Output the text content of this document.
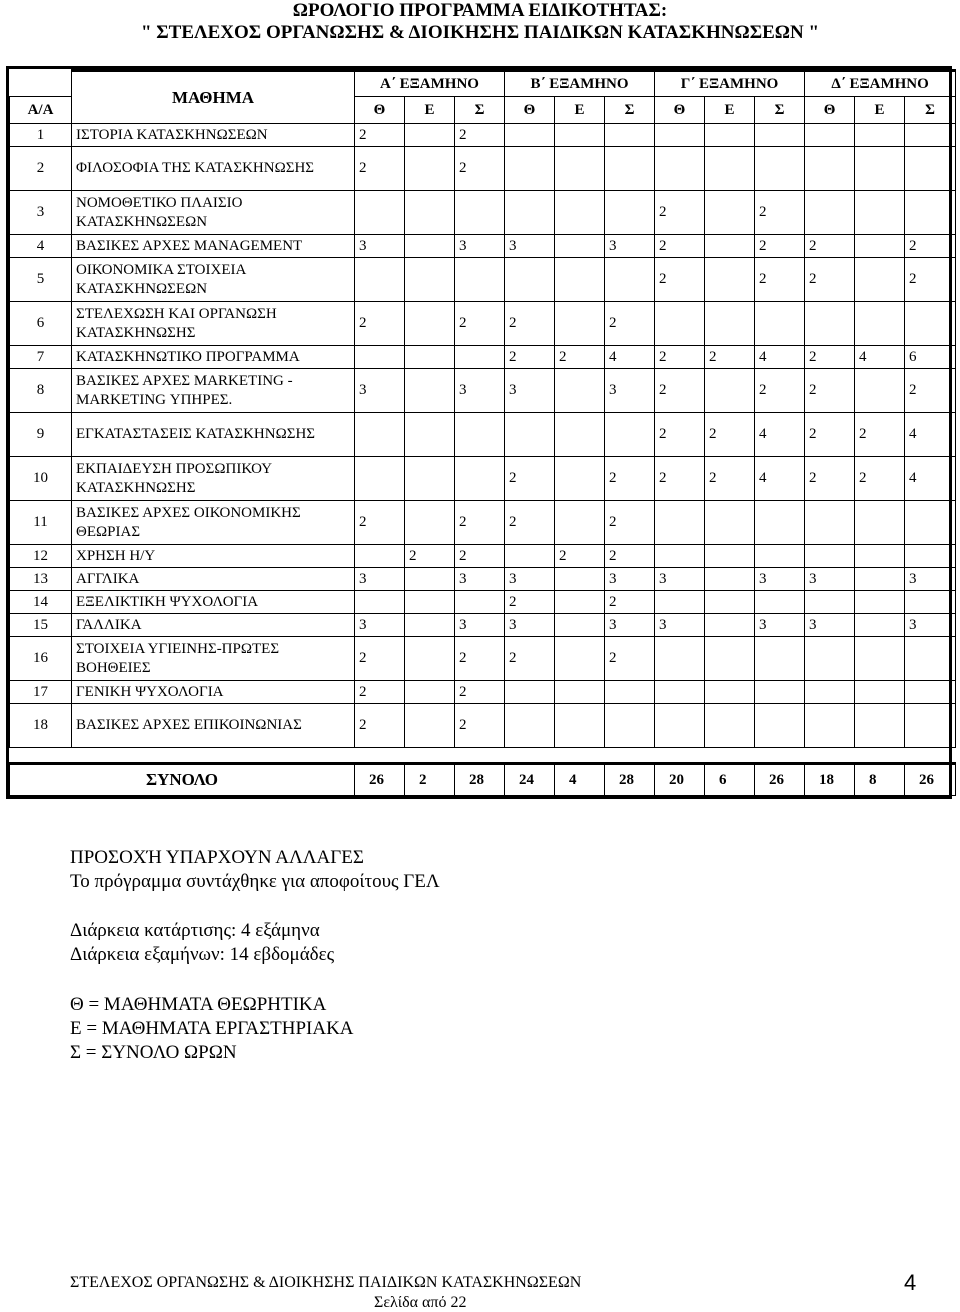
ΩΡΟΛΟΓΙΟ ΠΡΟΓΡΑΜΜΑ ΕΙΔΙΚΟΤΗΤΑΣ:
" ΣΤΕΛΕΧΟΣ ΟΡΓΑΝΩΣΗΣ & ΔΙΟΙΚΗΣΗΣ ΠΑΙΔΙΚΩΝ ΚΑΤΑΣΚΗΝΩΣΕΩΝ "
	ΜΑΘΗΜΑ	Α΄ ΕΞΑΜΗΝΟ			Β΄ ΕΞΑΜΗΝΟ			Γ΄ ΕΞΑΜΗΝΟ			Δ΄ ΕΞΑΜΗΝΟ		
Α/Α		Θ	Ε	Σ	Θ	Ε	Σ	Θ	Ε	Σ	Θ	Ε	Σ
1	ΙΣΤΟΡΙΑ ΚΑΤΑΣΚΗΝΩΣΕΩΝ	2		2									
2	ΦΙΛΟΣΟΦΙΑ ΤΗΣ ΚΑΤΑΣΚΗΝΩΣΗΣ	2		2									
3	ΝΟΜΟΘΕΤΙΚΟ ΠΛΑΙΣΙΟ ΚΑΤΑΣΚΗΝΩΣΕΩΝ							2		2			
4	ΒΑΣΙΚΕΣ ΑΡΧΕΣ MANAGEMENT	3		3	3		3	2		2	2		2
5	ΟΙΚΟΝΟΜΙΚΑ ΣΤΟΙΧΕΙΑ ΚΑΤΑΣΚΗΝΩΣΕΩΝ							2		2	2		2
6	ΣΤΕΛΕΧΩΣΗ ΚΑΙ ΟΡΓΑΝΩΣΗ ΚΑΤΑΣΚΗΝΩΣΗΣ	2		2	2		2						
7	ΚΑΤΑΣΚΗΝΩΤΙΚΟ ΠΡΟΓΡΑΜΜΑ				2	2	4	2	2	4	2	4	6
8	ΒΑΣΙΚΕΣ ΑΡΧΕΣ MARKETING - MARKETING ΥΠΗΡΕΣ.	3		3	3		3	2		2	2		2
9	ΕΓΚΑΤΑΣΤΑΣΕΙΣ ΚΑΤΑΣΚΗΝΩΣΗΣ							2	2	4	2	2	4
10	ΕΚΠΑΙΔΕΥΣΗ ΠΡΟΣΩΠΙΚΟΥ ΚΑΤΑΣΚΗΝΩΣΗΣ				2		2	2	2	4	2	2	4
11	ΒΑΣΙΚΕΣ ΑΡΧΕΣ ΟΙΚΟΝΟΜΙΚΗΣ ΘΕΩΡΙΑΣ	2		2	2		2						
12	ΧΡΗΣΗ Η/Υ		2	2		2	2						
13	ΑΓΓΛΙΚΑ	3		3	3		3	3		3	3		3
14	ΕΞΕΛΙΚΤΙΚΗ ΨΥΧΟΛΟΓΙΑ				2		2						
15	ΓΑΛΛΙΚΑ	3		3	3		3	3		3	3		3
16	ΣΤΟΙΧΕΙΑ ΥΓΙΕΙΝΗΣ-ΠΡΩΤΕΣ ΒΟΗΘΕΙΕΣ	2		2	2		2						
17	ΓΕΝΙΚΗ ΨΥΧΟΛΟΓΙΑ	2		2									
18	ΒΑΣΙΚΕΣ ΑΡΧΕΣ ΕΠΙΚΟΙΝΩΝΙΑΣ	2		2									

ΣΥΝΟΛΟ		26	2	28	24	4	28	20	6	26	18	8	26
ΠΡΟΣΟΧΉ ΥΠΑΡΧΟΥΝ ΑΛΛΑΓΕΣ
Το πρόγραμμα συντάχθηκε για αποφοίτους ΓΕΛ
Διάρκεια κατάρτισης: 4 εξάμηνα
Διάρκεια εξαμήνων: 14 εβδομάδες
Θ = ΜΑΘΗΜΑΤΑ ΘΕΩΡΗΤΙΚΑ
Ε = ΜΑΘΗΜΑΤΑ ΕΡΓΑΣΤΗΡΙΑΚΑ
Σ = ΣΥΝΟΛΟ ΩΡΩΝ
ΣΤΕΛΕΧΟΣ ΟΡΓΑΝΩΣΗΣ & ΔΙΟΙΚΗΣΗΣ ΠΑΙΔΙΚΩΝ ΚΑΤΑΣΚΗΝΩΣΕΩΝ	4
Σελίδα από 22
